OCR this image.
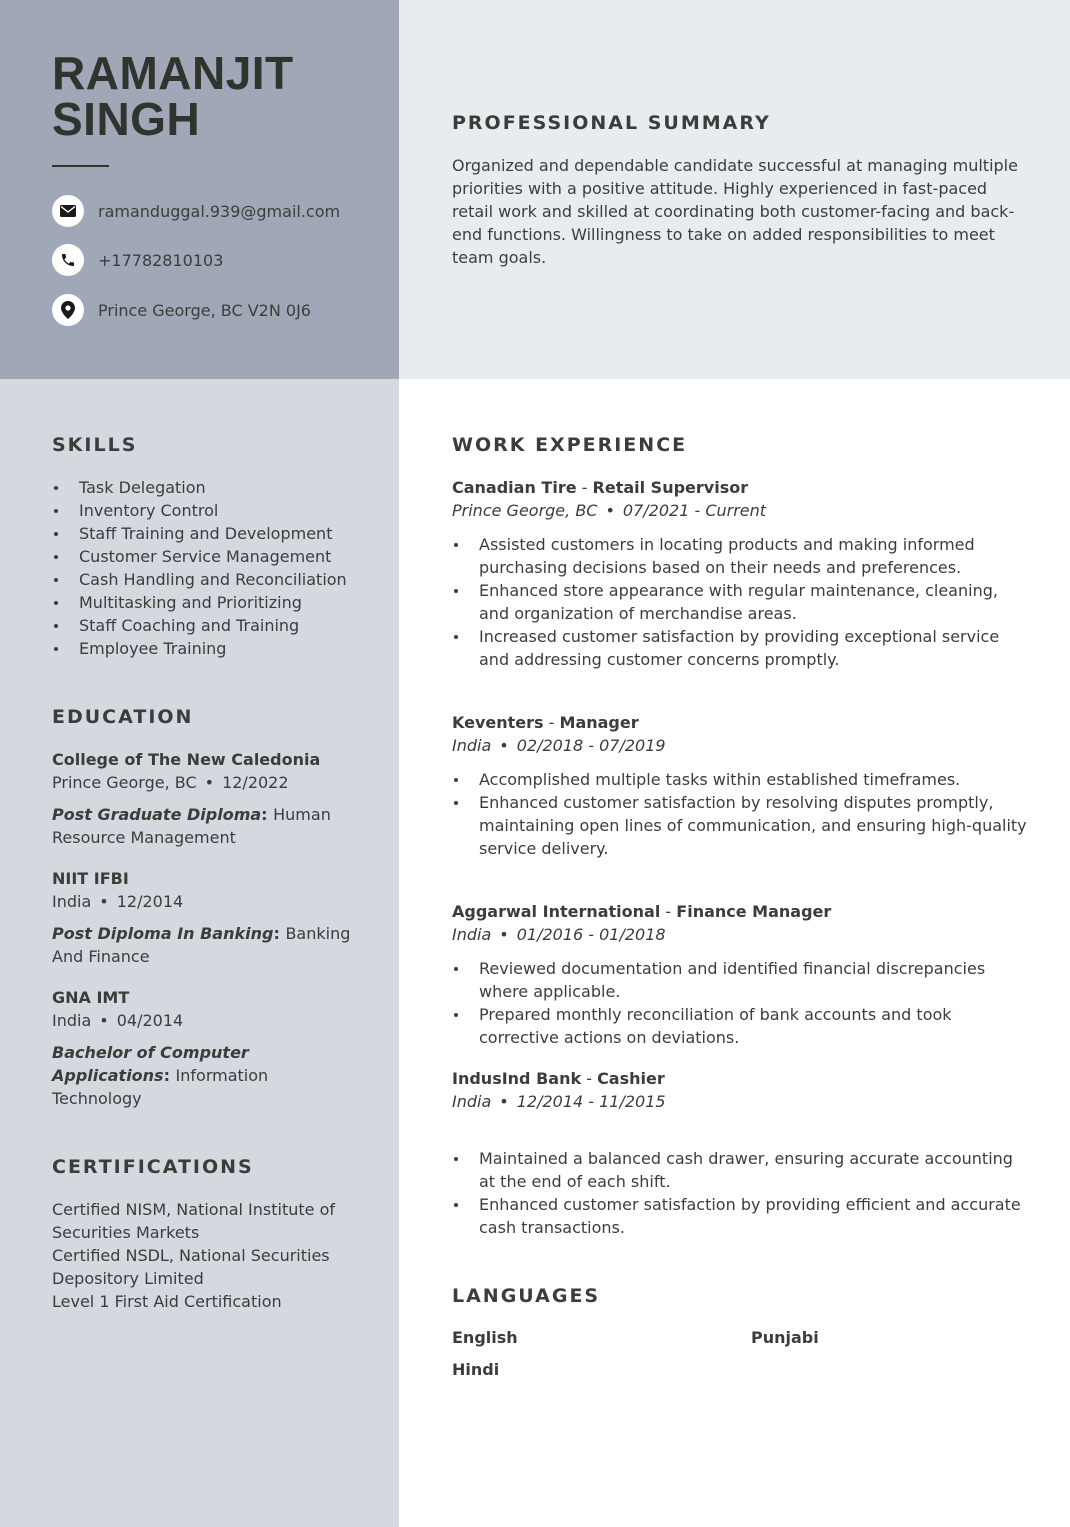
RAMANJIT
SINGH
ramanduggal.939@gmail.com
+17782810103
Prince George, BC V2N 0J6
PROFESSIONAL SUMMARY

Organized and dependable candidate successful at managing multiple priorities with a positive attitude. Highly experienced in fast-paced retail work and skilled at coordinating both customer-facing and back-end functions. Willingness to take on added responsibilities to meet team goals.

SKILLS
Task Delegation
Inventory Control
Staff Training and Development
Customer Service Management
Cash Handling and Reconciliation
Multitasking and Prioritizing
Staff Coaching and Training
Employee Training
EDUCATION
College of The New Caledonia
Prince George, BC • 12/2022
Post Graduate Diploma: Human Resource Management
NIIT IFBI
India • 12/2014
Post Diploma In Banking: Banking And Finance
GNA IMT
India • 04/2014
Bachelor of Computer Applications: Information Technology
CERTIFICATIONS
Certified NISM, National Institute of Securities Markets
Certified NSDL, National Securities Depository Limited
Level 1 First Aid Certification
WORK EXPERIENCE
Canadian Tire - Retail Supervisor
Prince George, BC • 07/2021 - Current
Assisted customers in locating products and making informed purchasing decisions based on their needs and preferences.
Enhanced store appearance with regular maintenance, cleaning, and organization of merchandise areas.
Increased customer satisfaction by providing exceptional service and addressing customer concerns promptly.
Keventers - Manager
India • 02/2018 - 07/2019
Accomplished multiple tasks within established timeframes.
Enhanced customer satisfaction by resolving disputes promptly, maintaining open lines of communication, and ensuring high-quality service delivery.
Aggarwal International - Finance Manager
India • 01/2016 - 01/2018
Reviewed documentation and identified financial discrepancies where applicable.
Prepared monthly reconciliation of bank accounts and took corrective actions on deviations.
IndusInd Bank - Cashier
India • 12/2014 - 11/2015
Maintained a balanced cash drawer, ensuring accurate accounting at the end of each shift.
Enhanced customer satisfaction by providing efficient and accurate cash transactions.
LANGUAGES
English	Punjabi
Hindi
